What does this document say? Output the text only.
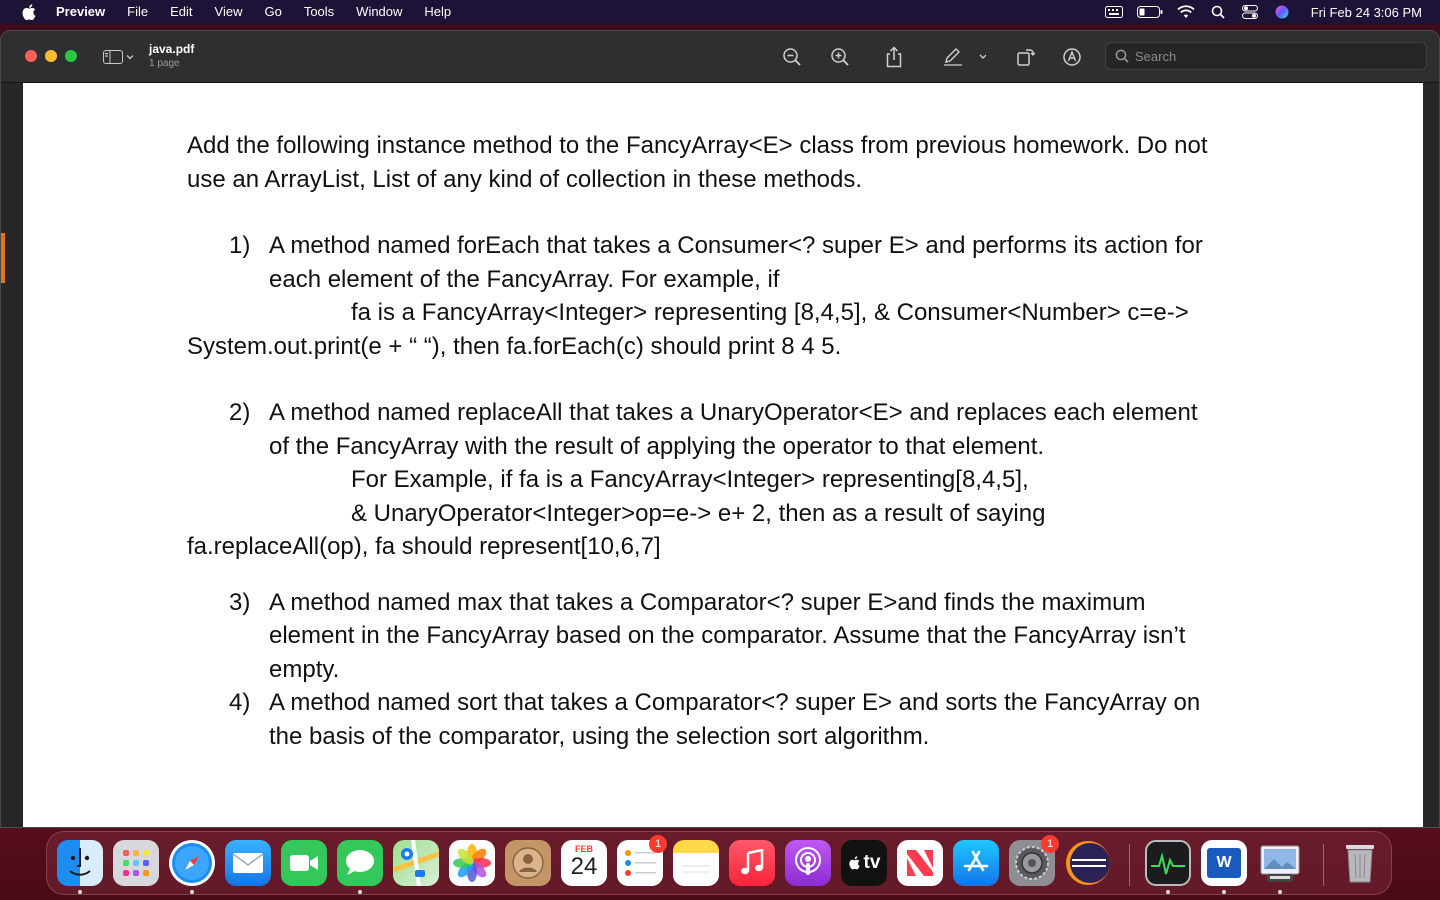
Preview File Edit View Go Tools Window Help	Fri Feb 24 3:06 PM
java.pdf
1 page
Search
Add the following instance method to the FancyArray<E> class from previous homework. Do not
use an ArrayList, List of any kind of collection in these methods.
1) A method named forEach that takes a Consumer<? super E> and performs its action for
each element of the FancyArray. For example, if
fa is a FancyArray<Integer> representing [8,4,5], & Consumer<Number> c=e->
System.out.print(e + “ “), then fa.forEach(c) should print 8 4 5.
2) A method named replaceAll that takes a UnaryOperator<E> and replaces each element
of the FancyArray with the result of applying the operator to that element.
For Example, if fa is a FancyArray<Integer> representing[8,4,5],
& UnaryOperator<Integer>op=e-> e+ 2, then as a result of saying
fa.replaceAll(op), fa should represent[10,6,7]
3) A method named max that takes a Comparator<? super E>and finds the maximum
element in the FancyArray based on the comparator. Assume that the FancyArray isn’t
empty.
4) A method named sort that takes a Comparator<? super E> and sorts the FancyArray on
the basis of the comparator, using the selection sort algorithm.
FEB
24
1
tv
1
W
